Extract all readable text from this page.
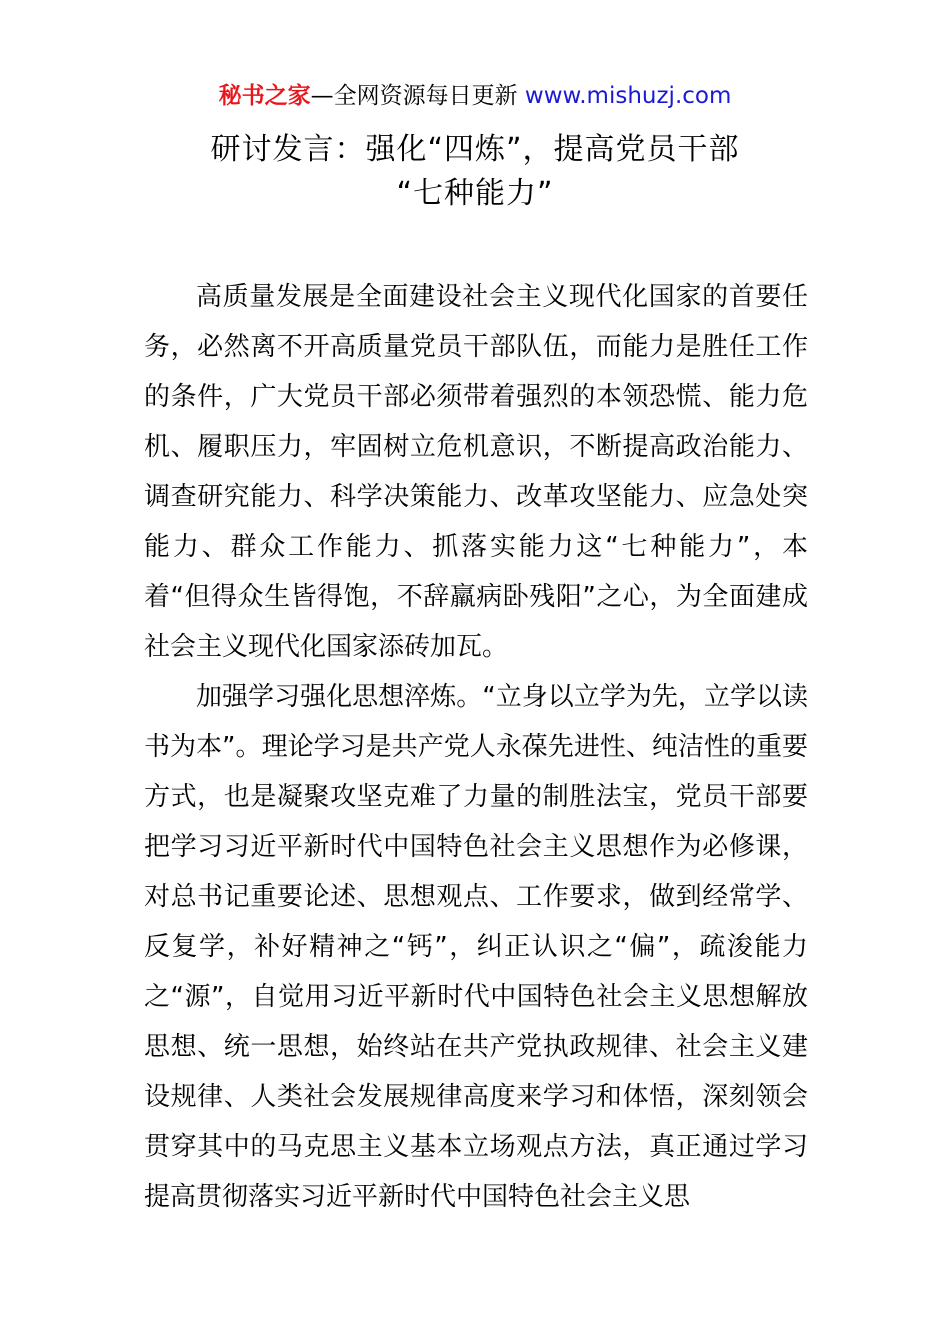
秘书之家—全网资源每日更新 www.mishuzj.com
研讨发言：强化“四炼”，提高党员干部
“七种能力”

高质量发展是全面建设社会主义现代化国家的首要任务，必然离不开高质量党员干部队伍，而能力是胜任工作的条件，广大党员干部必须带着强烈的本领恐慌、能力危机、履职压力，牢固树立危机意识，不断提高政治能力、调查研究能力、科学决策能力、改革攻坚能力、应急处突能力、群众工作能力、抓落实能力这“七种能力”，本着“但得众生皆得饱，不辞羸病卧残阳”之心，为全面建成社会主义现代化国家添砖加瓦。

加强学习强化思想淬炼。“立身以立学为先，立学以读书为本”。理论学习是共产党人永葆先进性、纯洁性的重要方式，也是凝聚攻坚克难了力量的制胜法宝，党员干部要把学习习近平新时代中国特色社会主义思想作为必修课，对总书记重要论述、思想观点、工作要求，做到经常学、反复学，补好精神之“钙”，纠正认识之“偏”，疏浚能力之“源”，自觉用习近平新时代中国特色社会主义思想解放思想、统一思想，始终站在共产党执政规律、社会主义建设规律、人类社会发展规律高度来学习和体悟，深刻领会贯穿其中的马克思主义基本立场观点方法，真正通过学习提高贯彻落实习近平新时代中国特色社会主义思
